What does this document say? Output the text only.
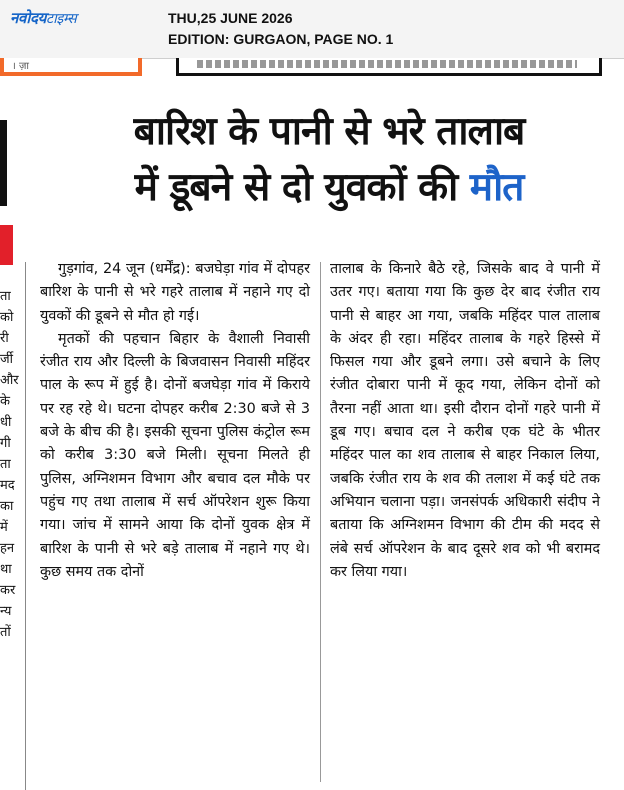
नवोदयटाइम्स	THU,25 JUNE 2026
EDITION: GURGAON, PAGE NO. 1
। ज़ा
ता
को
री
र्जी
और
के
धी
गी
ता
मद
का
में
हन
था
कर
न्य
तों
बारिश के पानी से भरे तालाब
में डूबने से दो युवकों की मौत

गुड़गांव, 24 जून (धर्मेंद्र): बजघेड़ा गांव में दोपहर बारिश के पानी से भरे गहरे तालाब में नहाने गए दो युवकों की डूबने से मौत हो गई।

मृतकों की पहचान बिहार के वैशाली निवासी रंजीत राय और दिल्ली के बिजवासन निवासी महिंदर पाल के रूप में हुई है। दोनों बजघेड़ा गांव में किराये पर रह रहे थे। घटना दोपहर करीब 2:30 बजे से 3 बजे के बीच की है। इसकी सूचना पुलिस कंट्रोल रूम को करीब 3:30 बजे मिली। सूचना मिलते ही पुलिस, अग्निशमन विभाग और बचाव दल मौके पर पहुंच गए तथा तालाब में सर्च ऑपरेशन शुरू किया गया। जांच में सामने आया कि दोनों युवक क्षेत्र में बारिश के पानी से भरे बड़े तालाब में नहाने गए थे। कुछ समय तक दोनों

तालाब के किनारे बैठे रहे, जिसके बाद वे पानी में उतर गए। बताया गया कि कुछ देर बाद रंजीत राय पानी से बाहर आ गया, जबकि महिंदर पाल तालाब के अंदर ही रहा। महिंदर तालाब के गहरे हिस्से में फिसल गया और डूबने लगा। उसे बचाने के लिए रंजीत दोबारा पानी में कूद गया, लेकिन दोनों को तैरना नहीं आता था। इसी दौरान दोनों गहरे पानी में डूब गए। बचाव दल ने करीब एक घंटे के भीतर महिंदर पाल का शव तालाब से बाहर निकाल लिया, जबकि रंजीत राय के शव की तलाश में कई घंटे तक अभियान चलाना पड़ा। जनसंपर्क अधिकारी संदीप ने बताया कि अग्निशमन विभाग की टीम की मदद से लंबे सर्च ऑपरेशन के बाद दूसरे शव को भी बरामद कर लिया गया।
